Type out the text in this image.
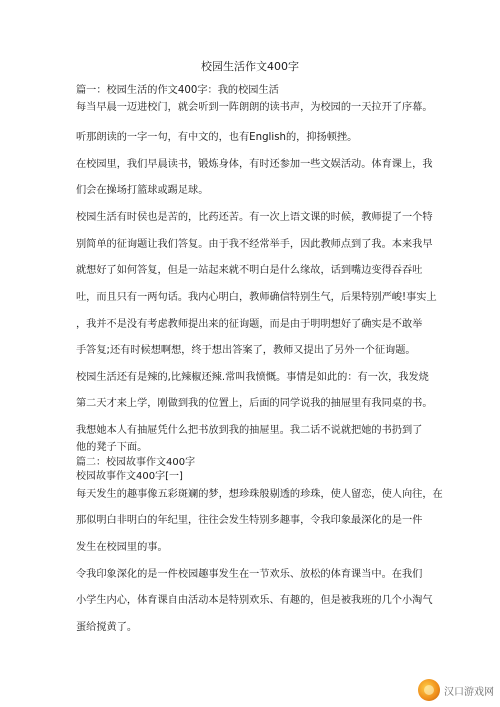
校园生活作文400字
篇一：校园生活的作文400字：我的校园生活
每当早晨一迈进校门，就会听到一阵朗朗的读书声，为校园的一天拉开了序幕。
听那朗读的一字一句，有中文的，也有English的，抑扬顿挫。
在校园里，我们早晨读书，锻炼身体，有时还参加一些文娱活动。体育课上，我
们会在操场打篮球或踢足球。
校园生活有时侯也是苦的，比药还苦。有一次上语文课的时候，教师提了一个特
别简单的征询题让我们答复。由于我不经常举手，因此教师点到了我。本来我早
就想好了如何答复，但是一站起来就不明白是什么缘故，话到嘴边变得吞吞吐
吐，而且只有一两句话。我内心明白，教师确信特别生气，后果特别严峻!事实上
，我并不是没有考虑教师提出来的征询题，而是由于明明想好了确实是不敢举
手答复;还有时候想啊想，终于想出答案了，教师又提出了另外一个征询题。
校园生活还有是辣的,比辣椒还辣.常叫我愤慨。事情是如此的：有一次，我发烧
第二天才来上学，刚做到我的位置上，后面的同学说我的抽屉里有我同桌的书。
我想她本人有抽屉凭什么把书放到我的抽屉里。我二话不说就把她的书扔到了
他的凳子下面。
篇二：校园故事作文400字
校园故事作文400字[一]
每天发生的趣事像五彩斑斓的梦，想珍珠般剔透的珍珠，使人留恋，使人向往，在
那似明白非明白的年纪里，往往会发生特别多趣事，令我印象最深化的是一件
发生在校园里的事。
令我印象深化的是一件校园趣事发生在一节欢乐、放松的体育课当中。在我们
小学生内心，体育课自由活动本是特别欢乐、有趣的，但是被我班的几个小淘气
蛋给搅黄了。
汉口游戏网
